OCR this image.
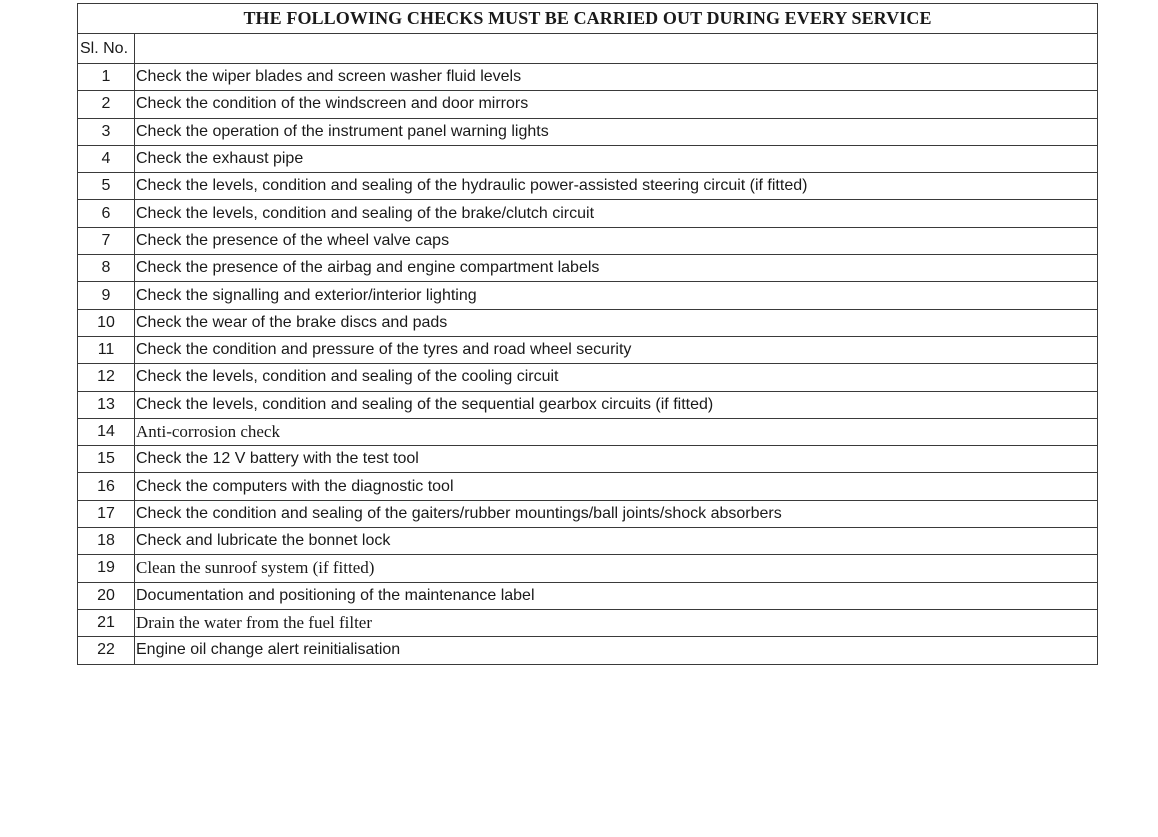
THE FOLLOWING CHECKS MUST BE CARRIED OUT DURING EVERY SERVICE	
Sl. No.	
1	Check the wiper blades and screen washer fluid levels
2	Check the condition of the windscreen and door mirrors
3	Check the operation of the instrument panel warning lights
4	Check the exhaust pipe
5	Check the levels, condition and sealing of the hydraulic power-assisted steering circuit (if fitted)
6	Check the levels, condition and sealing of the brake/clutch circuit
7	Check the presence of the wheel valve caps
8	Check the presence of the airbag and engine compartment labels
9	Check the signalling and exterior/interior lighting
10	Check the wear of the brake discs and pads
11	Check the condition and pressure of the tyres and road wheel security
12	Check the levels, condition and sealing of the cooling circuit
13	Check the levels, condition and sealing of the sequential gearbox circuits (if fitted)
14	Anti-corrosion check
15	Check the 12 V battery with the test tool
16	Check the computers with the diagnostic tool
17	Check the condition and sealing of the gaiters/rubber mountings/ball joints/shock absorbers
18	Check and lubricate the bonnet lock
19	Clean the sunroof system (if fitted)
20	Documentation and positioning of the maintenance label
21	Drain the water from the fuel filter
22	Engine oil change alert reinitialisation
